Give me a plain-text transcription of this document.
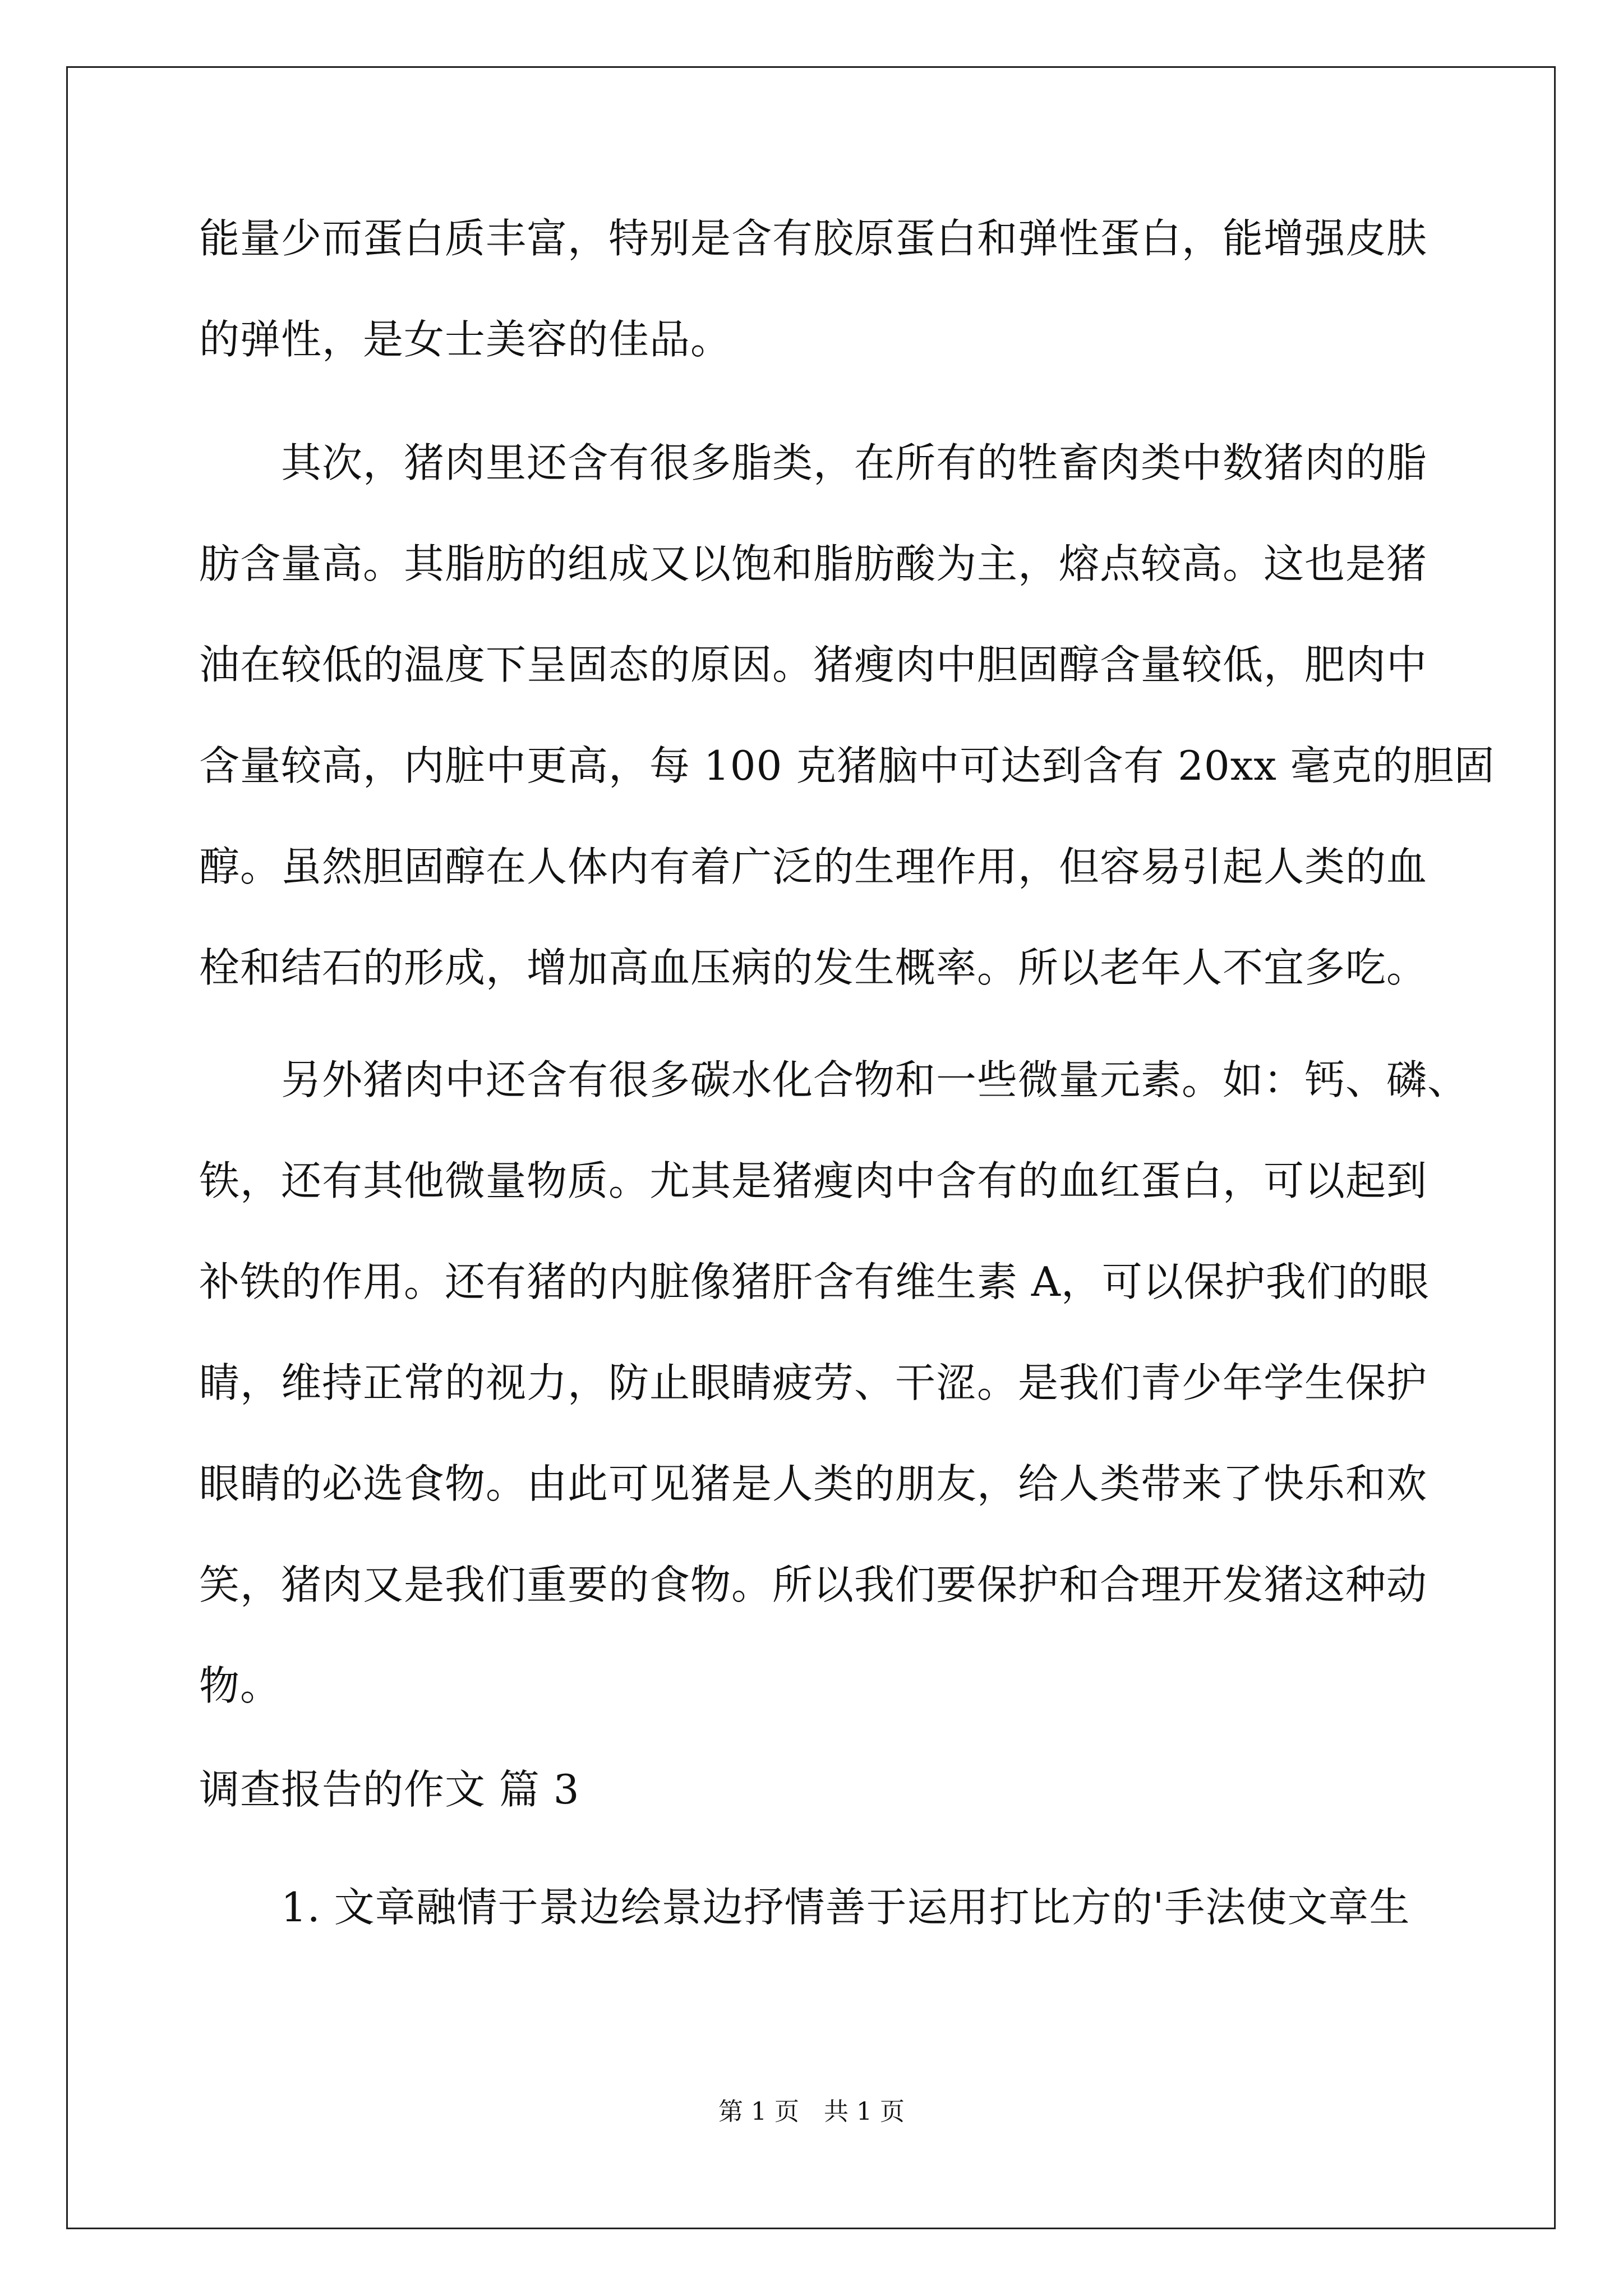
能量少而蛋白质丰富，特别是含有胶原蛋白和弹性蛋白，能增强皮肤
的弹性，是女士美容的佳品。
　　其次，猪肉里还含有很多脂类，在所有的牲畜肉类中数猪肉的脂
肪含量高。其脂肪的组成又以饱和脂肪酸为主，熔点较高。这也是猪
油在较低的温度下呈固态的原因。猪瘦肉中胆固醇含量较低，肥肉中
含量较高，内脏中更高，每 100 克猪脑中可达到含有 20xx 毫克的胆固
醇。虽然胆固醇在人体内有着广泛的生理作用，但容易引起人类的血
栓和结石的形成，增加高血压病的发生概率。所以老年人不宜多吃。
　　另外猪肉中还含有很多碳水化合物和一些微量元素。如：钙、磷、
铁，还有其他微量物质。尤其是猪瘦肉中含有的血红蛋白，可以起到
补铁的作用。还有猪的内脏像猪肝含有维生素 A，可以保护我们的眼
睛，维持正常的视力，防止眼睛疲劳、干涩。是我们青少年学生保护
眼睛的必选食物。由此可见猪是人类的朋友，给人类带来了快乐和欢
笑，猪肉又是我们重要的食物。所以我们要保护和合理开发猪这种动
物。
调查报告的作文 篇 3
　　1. 文章融情于景边绘景边抒情善于运用打比方的'手法使文章生
第 1 页　共 1 页
